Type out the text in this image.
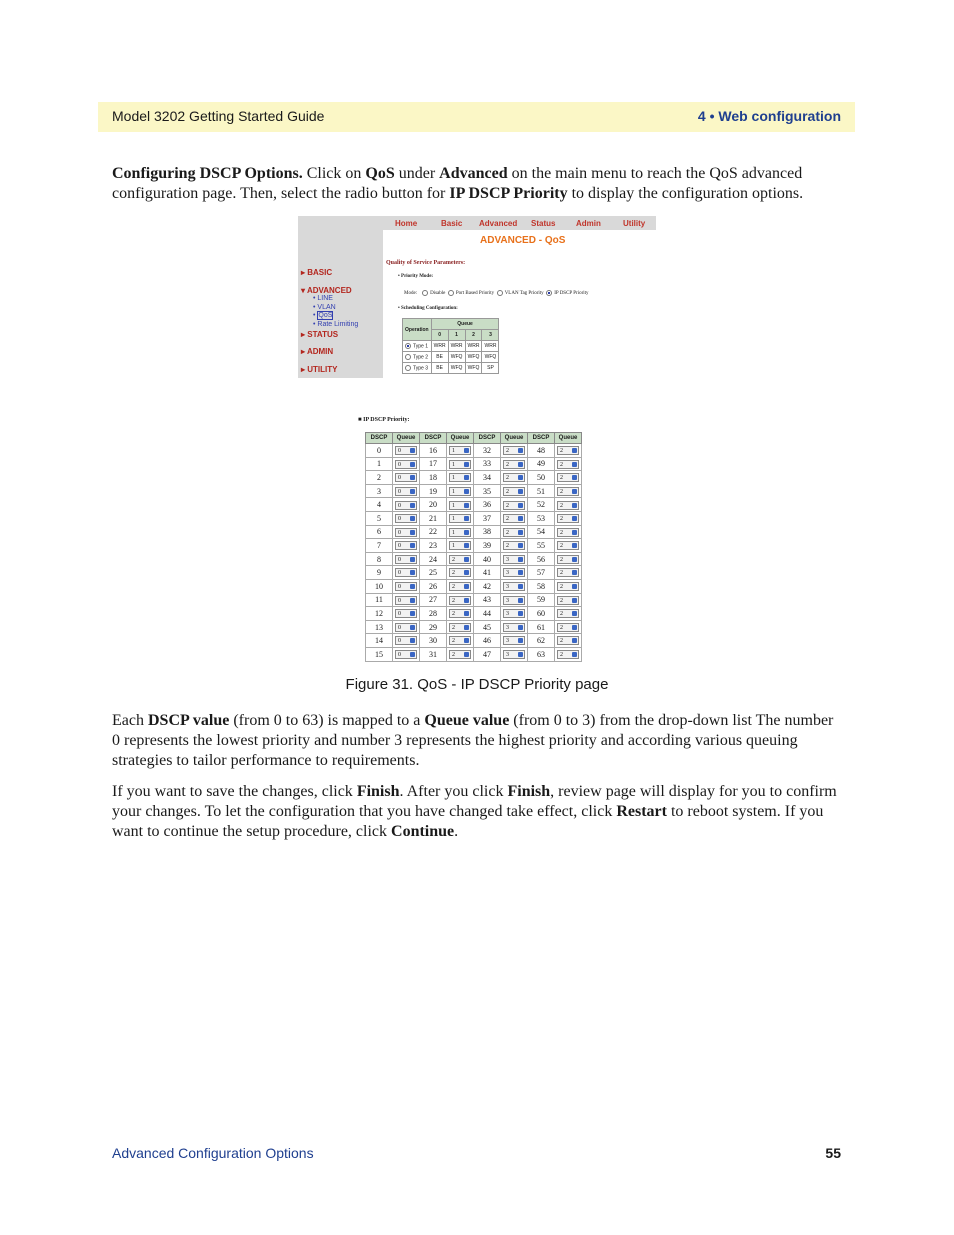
Model 3202 Getting Started Guide	4 • Web configuration
Configuring DSCP Options. Click on QoS under Advanced on the main menu to reach the QoS advanced configuration page. Then, select the radio button for IP DSCP Priority to display the configuration options.
Home	Basic Advanced Status	Admin	Utility
ADVANCED - QoS
Quality of Service Parameters:
• Priority Mode:
Mode:	Disable Port Based Priority VLAN Tag Priority IP DSCP Priority
• Scheduling Configuration:
▸ BASIC
▾ ADVANCED
• LINE
• VLAN
• QoS
• Rate Limiting
▸ STATUS
▸ ADMIN
▸ UTILITY
Operation	Queue			
	0	1	2	3
Type 1	WRR	WRR	WRR	WRR
Type 2	BE	WFQ	WFQ	WFQ
Type 3	BE	WFQ	WFQ	SP
■ IP DSCP Priority:
DSCP	Queue	DSCP	Queue	DSCP	Queue	DSCP	Queue
0	0	16	1	32	2	48	2
1	0	17	1	33	2	49	2
2	0	18	1	34	2	50	2
3	0	19	1	35	2	51	2
4	0	20	1	36	2	52	2
5	0	21	1	37	2	53	2
6	0	22	1	38	2	54	2
7	0	23	1	39	2	55	2
8	0	24	2	40	3	56	2
9	0	25	2	41	3	57	2
10	0	26	2	42	3	58	2
11	0	27	2	43	3	59	2
12	0	28	2	44	3	60	2
13	0	29	2	45	3	61	2
14	0	30	2	46	3	62	2
15	0	31	2	47	3	63	2
Figure 31. QoS - IP DSCP Priority page
Each DSCP value (from 0 to 63) is mapped to a Queue value (from 0 to 3) from the drop-down list The number 0 represents the lowest priority and number 3 represents the highest priority and according various queuing strategies to tailor performance to requirements.
If you want to save the changes, click Finish. After you click Finish, review page will display for you to confirm your changes. To let the configuration that you have changed take effect, click Restart to reboot system. If you want to continue the setup procedure, click Continue.
Advanced Configuration Options	55
